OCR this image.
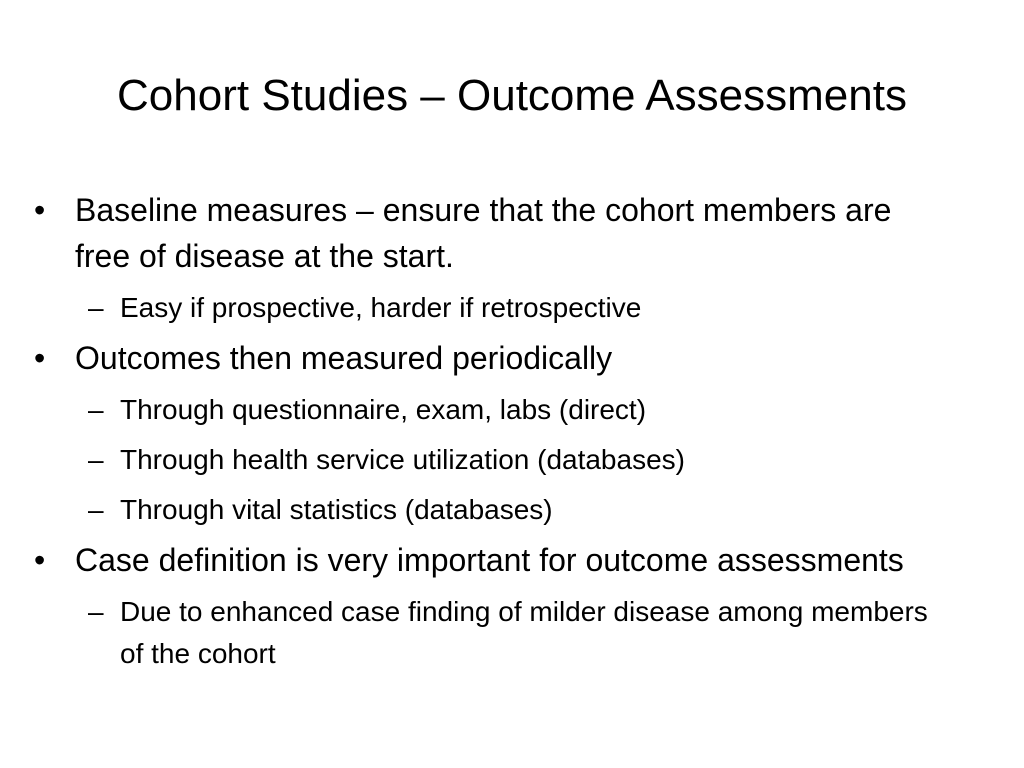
Cohort Studies – Outcome Assessments
• Baseline measures – ensure that the cohort members are free of disease at the start.
– Easy if prospective, harder if retrospective
• Outcomes then measured periodically
– Through questionnaire, exam, labs (direct)
– Through health service utilization (databases)
– Through vital statistics (databases)
• Case definition is very important for outcome assessments
– Due to enhanced case finding of milder disease among members of the cohort
